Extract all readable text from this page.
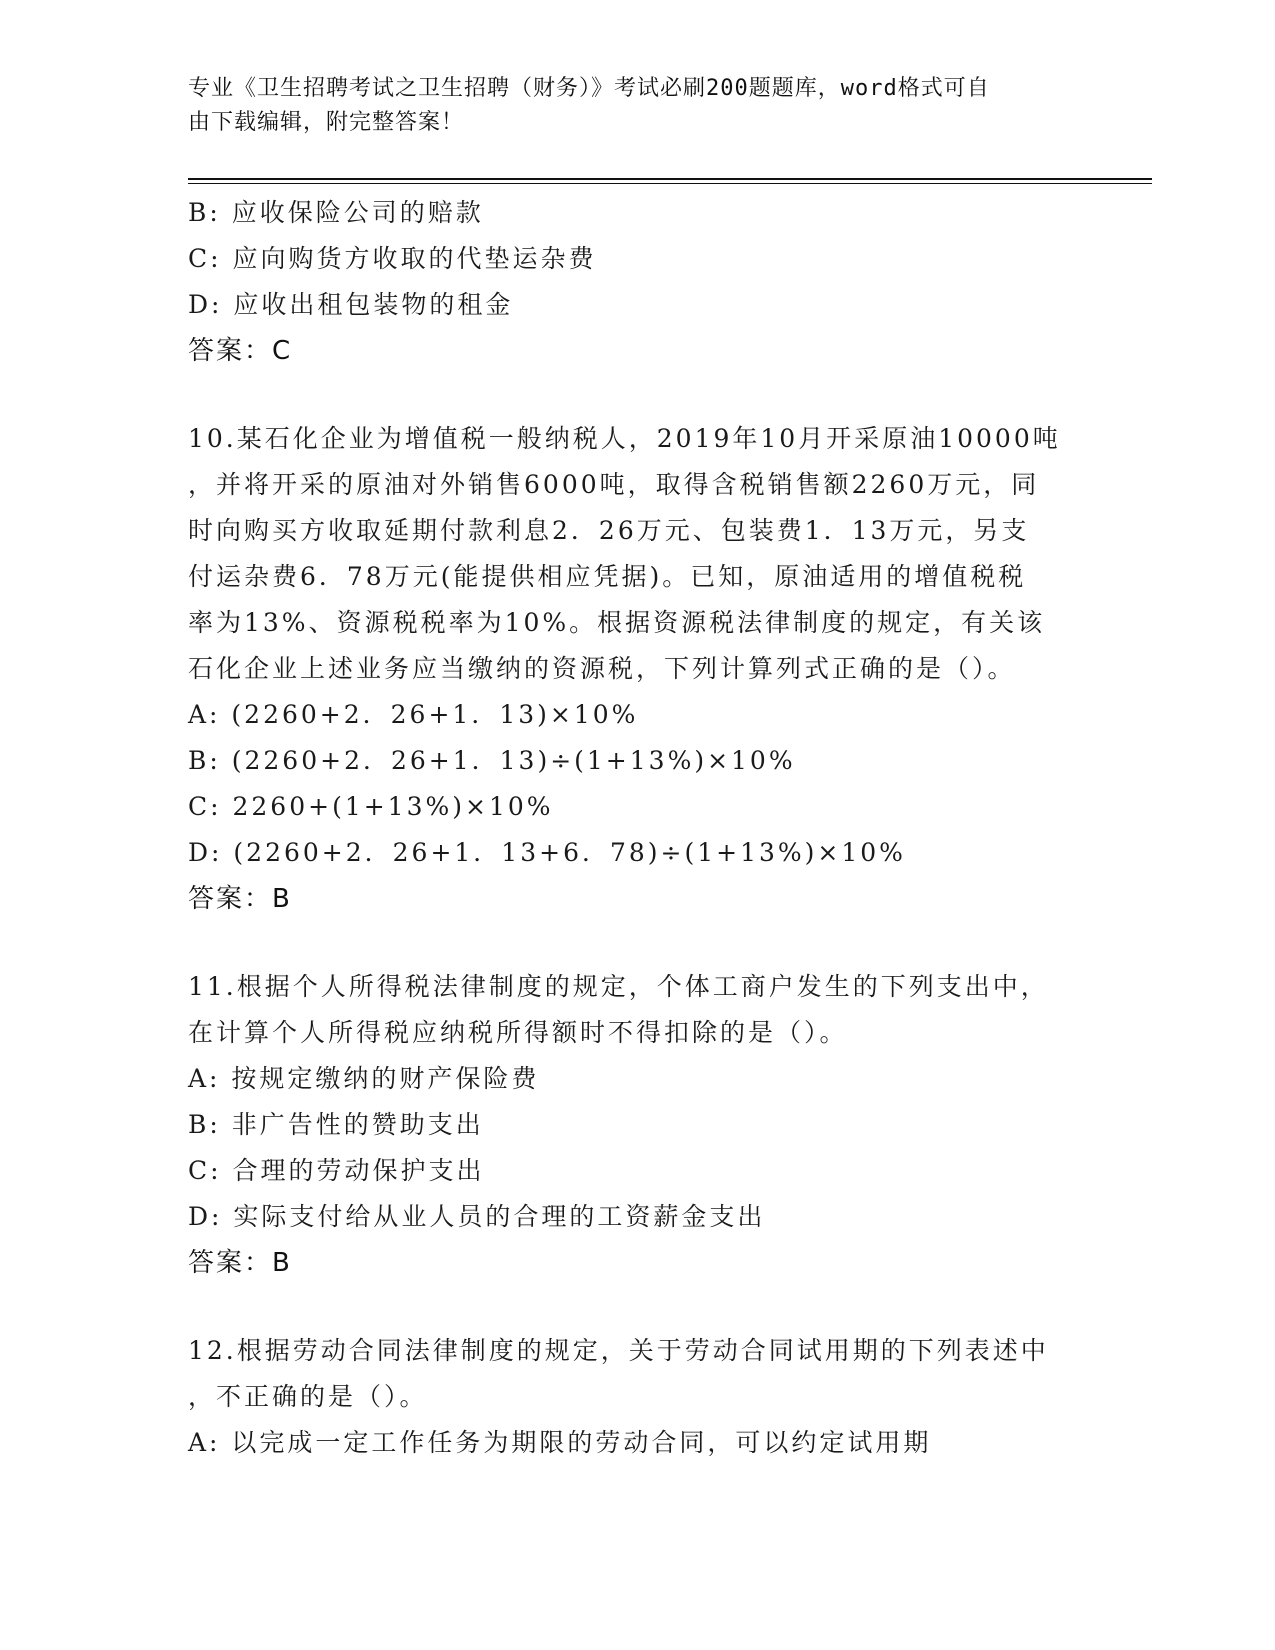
专业《卫生招聘考试之卫生招聘（财务）》考试必刷200题题库，word格式可自
由下载编辑，附完整答案！
B: 应收保险公司的赔款
C: 应向购货方收取的代垫运杂费
D: 应收出租包装物的租金
答案：C
10.某石化企业为增值税一般纳税人，2019年10月开采原油10000吨
，并将开采的原油对外销售6000吨，取得含税销售额2260万元，同
时向购买方收取延期付款利息2．26万元、包装费1．13万元，另支
付运杂费6．78万元(能提供相应凭据)。已知，原油适用的增值税税
率为13%、资源税税率为10%。根据资源税法律制度的规定，有关该
石化企业上述业务应当缴纳的资源税，下列计算列式正确的是（）。
A: (2260+2．26+1．13)×10%
B: (2260+2．26+1．13)÷(1+13%)×10%
C: 2260+(1+13%)×10%
D: (2260+2．26+1．13+6．78)÷(1+13%)×10%
答案：B
11.根据个人所得税法律制度的规定，个体工商户发生的下列支出中，
在计算个人所得税应纳税所得额时不得扣除的是（）。
A: 按规定缴纳的财产保险费
B: 非广告性的赞助支出
C: 合理的劳动保护支出
D: 实际支付给从业人员的合理的工资薪金支出
答案：B
12.根据劳动合同法律制度的规定，关于劳动合同试用期的下列表述中
，不正确的是（）。
A: 以完成一定工作任务为期限的劳动合同，可以约定试用期
